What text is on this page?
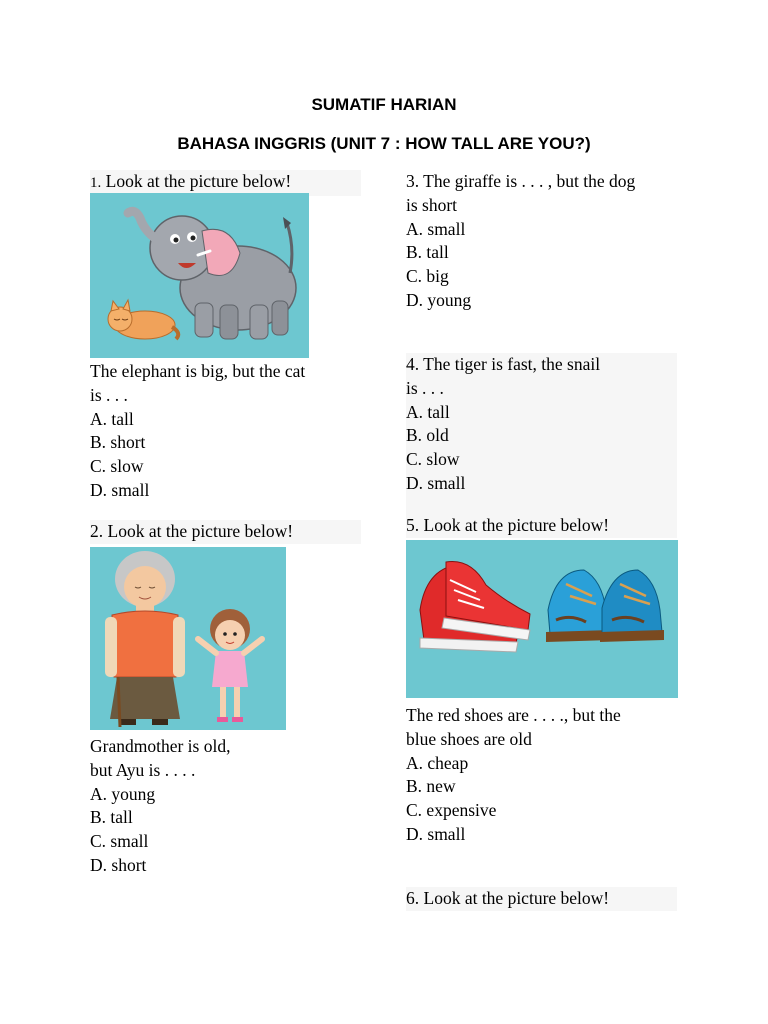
SUMATIF HARIAN
BAHASA INGGRIS (UNIT 7 : HOW TALL ARE YOU?)
1. Look at the picture below!
The elephant is big, but the cat
is . . .
A. tall
B. short
C. slow
D. small
2. Look at the picture below!
Grandmother is old,
but Ayu is . . . .
A. young
B. tall
C. small
D. short
3. The giraffe is . . . , but the dog
is short
A. small
B. tall
C. big
D. young
4. The tiger is fast, the snail
is . . .
A. tall
B. old
C. slow
D. small
5. Look at the picture below!
The red shoes are . . . ., but the
blue shoes are old
A. cheap
B. new
C. expensive
D. small
6. Look at the picture below!
